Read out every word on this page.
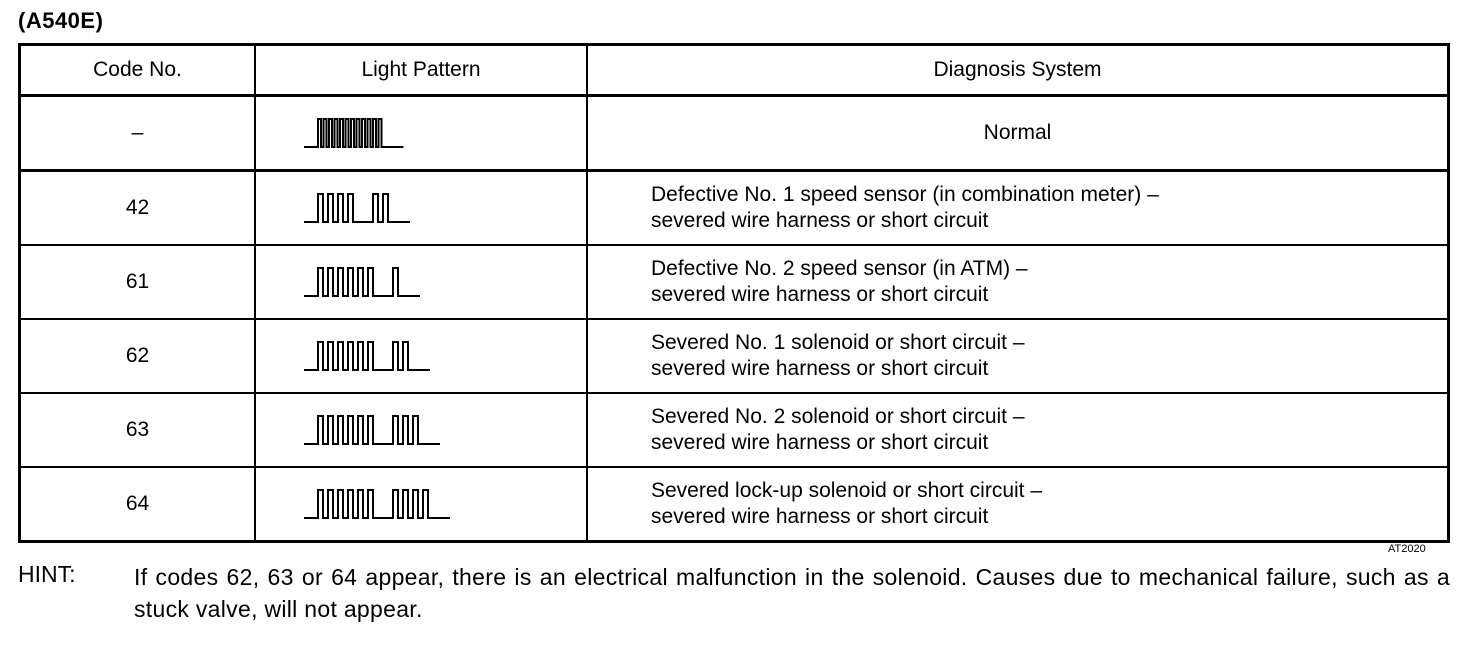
(A540E)
Code No.	Light Pattern	Diagnosis System
–		Normal

42		Defective No. 1 speed sensor (in combination meter) –
severed wire harness or short circuit

61		Defective No. 2 speed sensor (in ATM) –
severed wire harness or short circuit

62		Severed No. 1 solenoid or short circuit –
severed wire harness or short circuit

63		Severed No. 2 solenoid or short circuit –
severed wire harness or short circuit

64		Severed lock-up solenoid or short circuit –
severed wire harness or short circuit
AT2020
HINT:	If codes 62, 63 or 64 appear, there is an electrical malfunction in the solenoid. Causes due to mechanical failure, such as a stuck valve, will not appear.
